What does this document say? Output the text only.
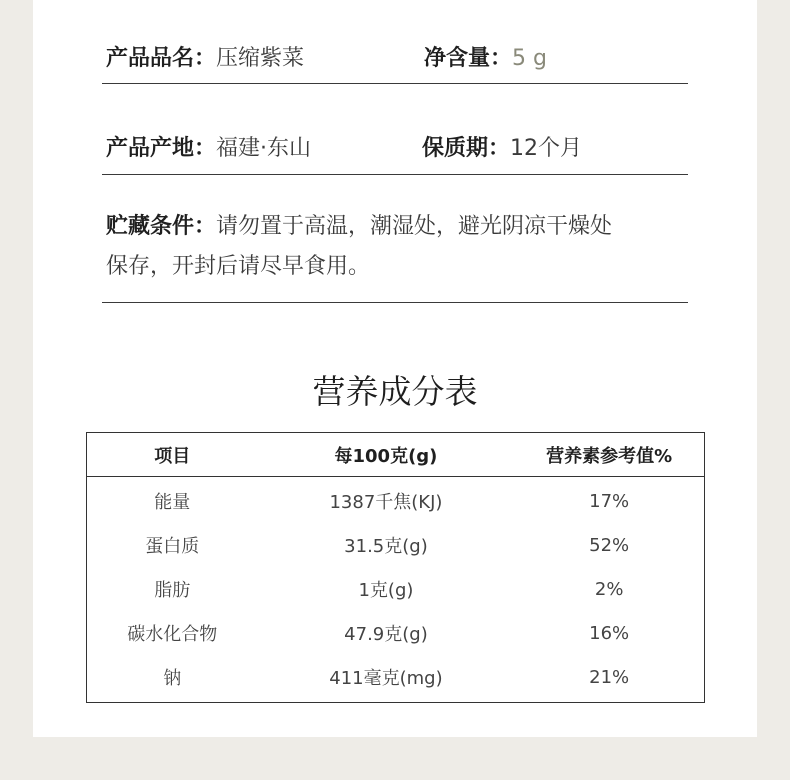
产品品名：压缩紫菜	净含量：5 g
产品产地：福建·东山	保质期：12个月
贮藏条件：请勿置于高温，潮湿处，避光阴凉干燥处
保存，开封后请尽早食用。
营养成分表
项目	每100克(g)	营养素参考值%
能量	1387千焦(KJ)	17%
蛋白质	31.5克(g)	52%
脂肪	1克(g)	2%
碳水化合物	47.9克(g)	16%
钠	411毫克(mg)	21%
